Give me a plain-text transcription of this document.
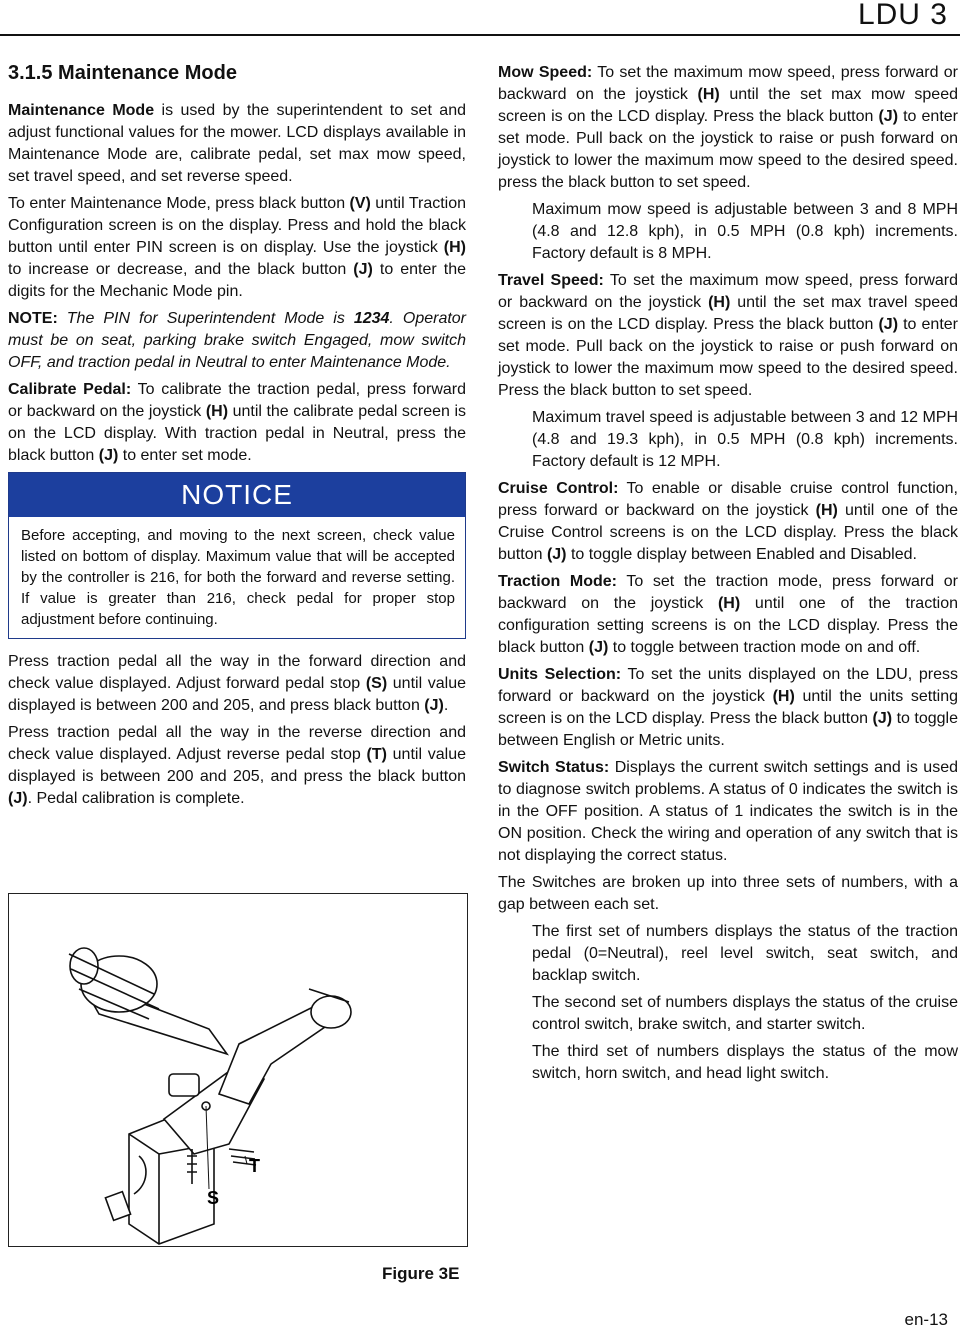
LDU 3
3.1.5 Maintenance Mode

Maintenance Mode is used by the superintendent to set and adjust functional values for the mower. LCD displays available in Maintenance Mode are, calibrate pedal, set max mow speed, set travel speed, and set reverse speed.

To enter Maintenance Mode, press black button (V) until Traction Configuration screen is on the display. Press and hold the black button until enter PIN screen is on display. Use the joystick (H) to increase or decrease, and the black button (J) to enter the digits for the Mechanic Mode pin.

NOTE: The PIN for Superintendent Mode is 1234. Operator must be on seat, parking brake switch Engaged, mow switch OFF, and traction pedal in Neutral to enter Maintenance Mode.

Calibrate Pedal: To calibrate the traction pedal, press forward or backward on the joystick (H) until the calibrate pedal screen is on the LCD display. With traction pedal in Neutral, press the black button (J) to enter set mode.

NOTICE
Before accepting, and moving to the next screen, check value listed on bottom of display. Maximum value that will be accepted by the controller is 216, for both the forward and reverse setting. If value is greater than 216, check pedal for proper stop adjustment before continuing.

Press traction pedal all the way in the forward direction and check value displayed. Adjust forward pedal stop (S) until value displayed is between 200 and 205, and press black button (J).

Press traction pedal all the way in the reverse direction and check value displayed. Adjust reverse pedal stop (T) until value displayed is between 200 and 205, and press the black button (J). Pedal calibration is complete.

S
T
Figure 3E

Mow Speed: To set the maximum mow speed, press forward or backward on the joystick (H) until the set max mow speed screen is on the LCD display. Press the black button (J) to enter set mode. Pull back on the joystick to raise or push forward on joystick to lower the maximum mow speed to the desired speed. press the black button to set speed.

Maximum mow speed is adjustable between 3 and 8 MPH (4.8 and 12.8 kph), in 0.5 MPH (0.8 kph) increments. Factory default is 8 MPH.

Travel Speed: To set the maximum mow speed, press forward or backward on the joystick (H) until the set max travel speed screen is on the LCD display. Press the black button (J) to enter set mode. Pull back on the joystick to raise or push forward on joystick to lower the maximum mow speed to the desired speed. Press the black button to set speed.

Maximum travel speed is adjustable between 3 and 12 MPH (4.8 and 19.3 kph), in 0.5 MPH (0.8 kph) increments. Factory default is 12 MPH.

Cruise Control: To enable or disable cruise control function, press forward or backward on the joystick (H) until one of the Cruise Control screens is on the LCD display. Press the black button (J) to toggle display between Enabled and Disabled.

Traction Mode: To set the traction mode, press forward or backward on the joystick (H) until one of the traction configuration setting screens is on the LCD display. Press the black button (J) to toggle between traction mode on and off.

Units Selection: To set the units displayed on the LDU, press forward or backward on the joystick (H) until the units setting screen is on the LCD display. Press the black button (J) to toggle between English or Metric units.

Switch Status: Displays the current switch settings and is used to diagnose switch problems. A status of 0 indicates the switch is in the OFF position. A status of 1 indicates the switch is in the ON position. Check the wiring and operation of any switch that is not displaying the correct status.

The Switches are broken up into three sets of numbers, with a gap between each set.

The first set of numbers displays the status of the traction pedal (0=Neutral), reel level switch, seat switch, and backlap switch.

The second set of numbers displays the status of the cruise control switch, brake switch, and starter switch.

The third set of numbers displays the status of the mow switch, horn switch, and head light switch.

en-13
